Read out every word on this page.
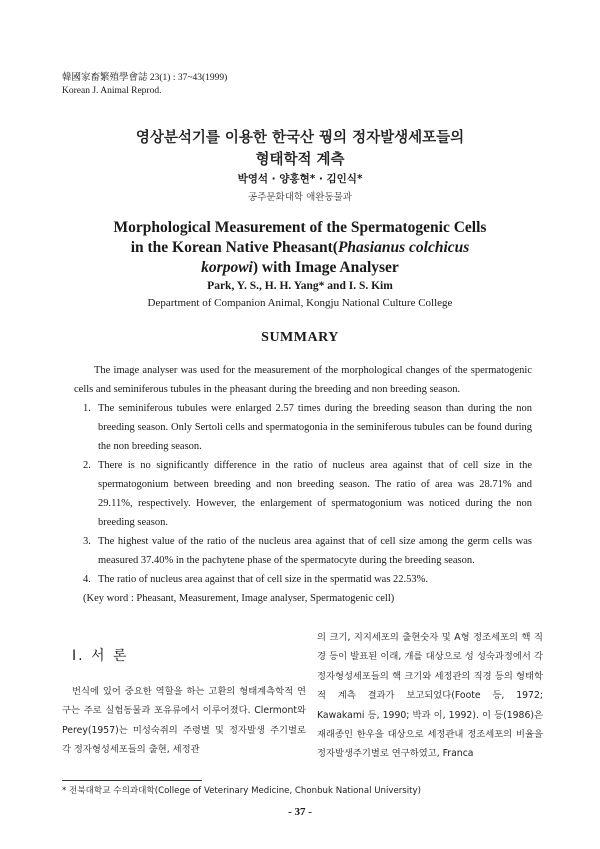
韓國家畜繁殖學會誌 23(1) : 37~43(1999)
Korean J. Animal Reprod.
영상분석기를 이용한 한국산 꿩의 정자발생세포들의
형태학적 계측
박영석 · 양홍현* · 김인식*
공주문화대학 애완동물과
Morphological Measurement of the Spermatogenic Cells
in the Korean Native Pheasant(Phasianus colchicus
korpowi) with Image Analyser
Park, Y. S., H. H. Yang* and I. S. Kim
Department of Companion Animal, Kongju National Culture College
SUMMARY

The image analyser was used for the measurement of the morphological changes of the spermatogenic cells and seminiferous tubules in the pheasant during the breeding and non breeding season.

1. The seminiferous tubules were enlarged 2.57 times during the breeding season than during the non breeding season. Only Sertoli cells and spermatogonia in the seminiferous tubules can be found during the non breeding season.
2. There is no significantly difference in the ratio of nucleus area against that of cell size in the spermatogonium between breeding and non breeding season. The ratio of area was 28.71% and 29.11%, respectively. However, the enlargement of spermatogonium was noticed during the non breeding season.
3. The highest value of the ratio of the nucleus area against that of cell size among the germ cells was measured 37.40% in the pachytene phase of the spermatocyte during the breeding season.
4. The ratio of nucleus area against that of cell size in the spermatid was 22.53%.

(Key word : Pheasant, Measurement, Image analyser, Spermatogenic cell)

Ⅰ. 서 론

번식에 있어 중요한 역할을 하는 고환의 형태계측학적 연구는 주로 실험동물과 포유류에서 이루어졌다. Clermont와 Perey(1957)는 미성숙쥐의 주령별 및 정자발생 주기별로 각 정자형성세포들의 출현, 세정관

의 크기, 지지세포의 출현숫자 및 A형 정조세포의 핵 직경 등이 발표된 이래, 개를 대상으로 성 성숙과정에서 각 정자형성세포들의 핵 크기와 세정관의 직경 등의 형태학적 계측 결과가 보고되었다(Foote 등, 1972; Kawakami 등, 1990; 박과 이, 1992). 이 등(1986)은 재래종인 한우을 대상으로 세정관내 정조세포의 비율을 정자발생주기별로 연구하였고, Franca

* 전북대학교 수의과대학(College of Veterinary Medicine, Chonbuk National University)
- 37 -
